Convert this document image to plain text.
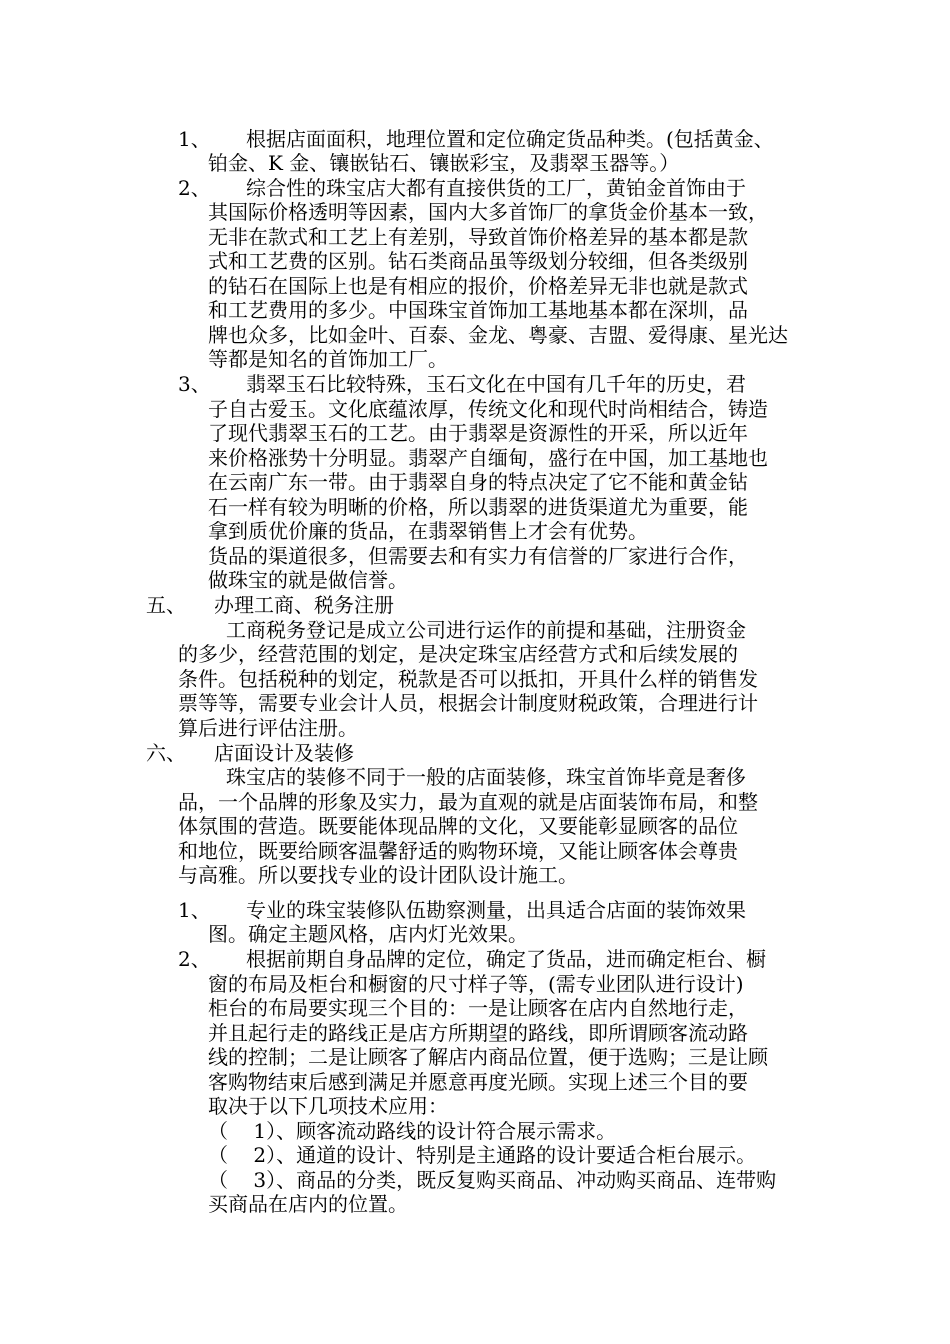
1、 根据店面面积，地理位置和定位确定货品种类。(包括黄金、
铂金、K 金、镶嵌钻石、镶嵌彩宝，及翡翠玉器等。）
2、 综合性的珠宝店大都有直接供货的工厂，黄铂金首饰由于
其国际价格透明等因素，国内大多首饰厂的拿货金价基本一致，
无非在款式和工艺上有差别，导致首饰价格差异的基本都是款
式和工艺费的区别。钻石类商品虽等级划分较细，但各类级别
的钻石在国际上也是有相应的报价，价格差异无非也就是款式
和工艺费用的多少。中国珠宝首饰加工基地基本都在深圳，品
牌也众多，比如金叶、百泰、金龙、粤豪、吉盟、爱得康、星光达
等都是知名的首饰加工厂。
3、 翡翠玉石比较特殊，玉石文化在中国有几千年的历史，君
子自古爱玉。文化底蕴浓厚，传统文化和现代时尚相结合，铸造
了现代翡翠玉石的工艺。由于翡翠是资源性的开采，所以近年
来价格涨势十分明显。翡翠产自缅甸，盛行在中国，加工基地也
在云南广东一带。由于翡翠自身的特点决定了它不能和黄金钻
石一样有较为明晰的价格，所以翡翠的进货渠道尤为重要，能
拿到质优价廉的货品，在翡翠销售上才会有优势。
货品的渠道很多，但需要去和有实力有信誉的厂家进行合作，
做珠宝的就是做信誉。
五、 办理工商、税务注册
工商税务登记是成立公司进行运作的前提和基础，注册资金
的多少，经营范围的划定，是决定珠宝店经营方式和后续发展的
条件。包括税种的划定，税款是否可以抵扣，开具什么样的销售发
票等等，需要专业会计人员，根据会计制度财税政策，合理进行计
算后进行评估注册。
六、 店面设计及装修
珠宝店的装修不同于一般的店面装修，珠宝首饰毕竟是奢侈
品，一个品牌的形象及实力，最为直观的就是店面装饰布局，和整
体氛围的营造。既要能体现品牌的文化，又要能彰显顾客的品位
和地位，既要给顾客温馨舒适的购物环境，又能让顾客体会尊贵
与高雅。所以要找专业的设计团队设计施工。
1、 专业的珠宝装修队伍勘察测量，出具适合店面的装饰效果
图。确定主题风格，店内灯光效果。
2、 根据前期自身品牌的定位，确定了货品，进而确定柜台、橱
窗的布局及柜台和橱窗的尺寸样子等，(需专业团队进行设计)
柜台的布局要实现三个目的：一是让顾客在店内自然地行走，
并且起行走的路线正是店方所期望的路线，即所谓顾客流动路
线的控制；二是让顾客了解店内商品位置，便于选购；三是让顾
客购物结束后感到满足并愿意再度光顾。实现上述三个目的要
取决于以下几项技术应用：
（    1）、顾客流动路线的设计符合展示需求。
（    2）、通道的设计、特别是主通路的设计要适合柜台展示。
（    3）、商品的分类，既反复购买商品、冲动购买商品、连带购
买商品在店内的位置。
